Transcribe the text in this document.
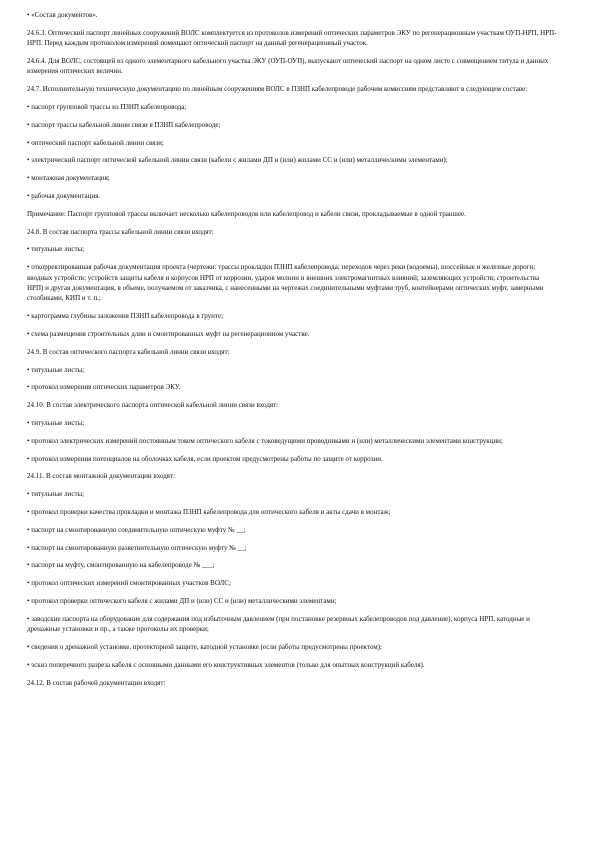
• «Состав документов».

24.6.3. Оптический паспорт линейных сооружений ВОЛС комплектуется из протоколов измерений оптических параметров ЭКУ по регенерационным участкам ОУП-НРП, НРП-НРП. Перед каждым протоколом измерений помещают оптический паспорт на данный регенерационный участок.

24.6.4. Для ВОЛС, состоящей из одного элементарного кабельного участка ЭКУ (ОУП-ОУП), выпускают оптический паспорт на одном листе с совмещением титула и данных измерения оптических величин.

24.7. Исполнительную техническую документацию по линейным сооружениям ВОЛС в ПЗНП кабелепроводе рабочим комиссиям представляют в следующем составе:

• паспорт групповой трассы из ПЗНП кабелепровода;

• паспорт трассы кабельной линии связи в ПЗНП кабелепроводе;

• оптический паспорт кабельной линии связи;

• электрический паспорт оптической кабельной линии связи (кабели с жилами ДП и (или) жилами СС и (или) металлическими элементами);

• монтажная документация;

• рабочая документация.

Примечание: Паспорт групповой трассы включает несколько кабелепроводов или кабелепровод и кабели связи, прокладываемые в одной траншее.

24.8. В состав паспорта трассы кабельной линии связи входят:

• титульные листы;

• откорректированная рабочая документация проекта (чертежи: трассы прокладки ПЗНП кабелепровода; переходов через реки (водоемы), шоссейные и железные дороги; вводных устройств; устройств защиты кабеля и корпусов НРП от коррозии, ударов молнии и внешних электромагнитных влияний; заземляющих устройств; строительства НРП) и другая документация, в объеме, получаемом от заказчика, с нанесенными на чертежах соединительными муфтами труб, контейнерами оптических муфт, замерными столбиками, КИП и т. п.;

• картограмма глубины заложения ПЗНП кабелепровода в грунте;

• схема размещения строительных длин и смонтированных муфт на регенерационном участке.

24.9. В состав оптического паспорта кабельной линии связи входят:

• титульные листы;

• протокол измерения оптических параметров ЭКУ.

24.10. В состав электрического паспорта оптической кабельной линии связи входят:

• титульные листы;

• протокол электрических измерений постоянным током оптического кабеля с токоведущими проводниками и (или) металлическими элементами конструкции;

• протокол измерения потенциалов на оболочках кабеля, если проектом предусмотрены работы по защите от коррозии.

24.11. В состав монтажной документации входят:

• титульные листы;

• протокол проверки качества прокладки и монтажа ПЗНП кабелепровода для оптического кабеля и акты сдачи в монтаж;

• паспорт на смонтированную соединительную оптическую муфту № __;

• паспорт на смонтированную разветвительную оптическую муфту № __;

• паспорт на муфту, смонтированную на кабелепроводе № ___;

• протокол оптических измерений смонтированных участков ВОЛС;

• протокол проверки оптического кабеля с жилами ДП и (или) СС и (или) металлическими элементами;

• заводские паспорта на оборудование для содержания под избыточным давлением (при постановке резервных кабелепроводов под давление), корпуса НРП, катодные и дренажные установки и пр., а также протоколы их проверки;

• сведения о дренажной установке, протекторной защите, катодной установке (если работы предусмотрены проектом);

• эскиз поперечного разреза кабеля с основными данными его конструктивных элементов (только для опытных конструкций кабеля).

24.12. В состав рабочей документации входят:
